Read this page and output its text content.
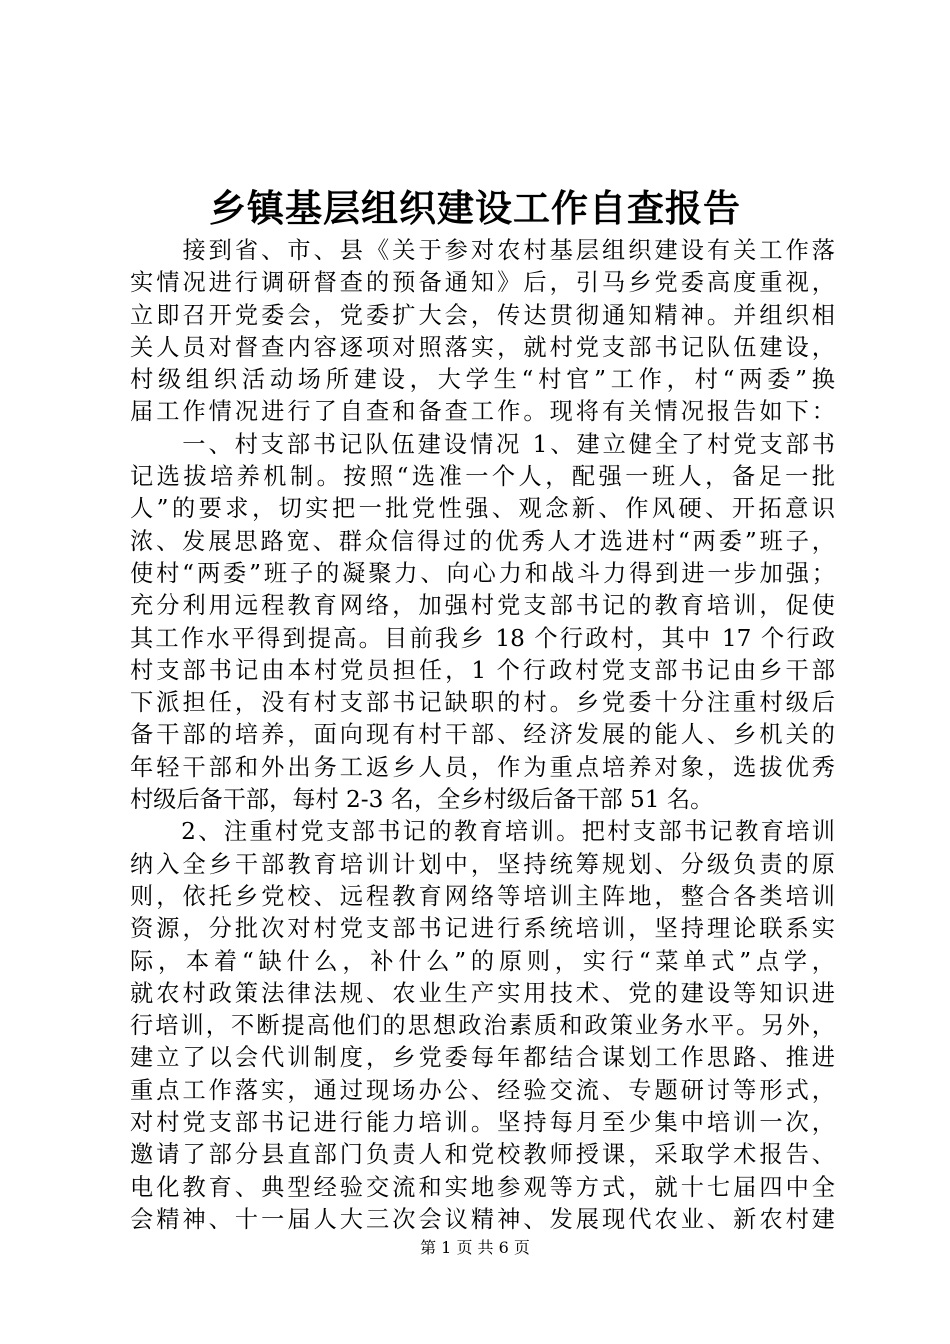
乡镇基层组织建设工作自查报告
　　接到省、市、县《关于参对农村基层组织建设有关工作落
实情况进行调研督查的预备通知》后，引马乡党委高度重视，
立即召开党委会，党委扩大会，传达贯彻通知精神。并组织相
关人员对督查内容逐项对照落实，就村党支部书记队伍建设，
村级组织活动场所建设，大学生“村官”工作，村“两委”换
届工作情况进行了自查和备查工作。现将有关情况报告如下：
　　一、村支部书记队伍建设情况 1、建立健全了村党支部书
记选拔培养机制。按照“选准一个人，配强一班人，备足一批
人”的要求，切实把一批党性强、观念新、作风硬、开拓意识
浓、发展思路宽、群众信得过的优秀人才选进村“两委”班子，
使村“两委”班子的凝聚力、向心力和战斗力得到进一步加强；
充分利用远程教育网络，加强村党支部书记的教育培训，促使
其工作水平得到提高。目前我乡 18 个行政村，其中 17 个行政
村支部书记由本村党员担任，1 个行政村党支部书记由乡干部
下派担任，没有村支部书记缺职的村。乡党委十分注重村级后
备干部的培养，面向现有村干部、经济发展的能人、乡机关的
年轻干部和外出务工返乡人员，作为重点培养对象，选拔优秀
村级后备干部，每村 2-3 名，全乡村级后备干部 51 名。
　　2、注重村党支部书记的教育培训。把村支部书记教育培训
纳入全乡干部教育培训计划中，坚持统筹规划、分级负责的原
则，依托乡党校、远程教育网络等培训主阵地，整合各类培训
资源，分批次对村党支部书记进行系统培训，坚持理论联系实
际，本着“缺什么，补什么”的原则，实行“菜单式”点学，
就农村政策法律法规、农业生产实用技术、党的建设等知识进
行培训，不断提高他们的思想政治素质和政策业务水平。另外，
建立了以会代训制度，乡党委每年都结合谋划工作思路、推进
重点工作落实，通过现场办公、经验交流、专题研讨等形式，
对村党支部书记进行能力培训。坚持每月至少集中培训一次，
邀请了部分县直部门负责人和党校教师授课，采取学术报告、
电化教育、典型经验交流和实地参观等方式，就十七届四中全
会精神、十一届人大三次会议精神、发展现代农业、新农村建
第 1 页 共 6 页
